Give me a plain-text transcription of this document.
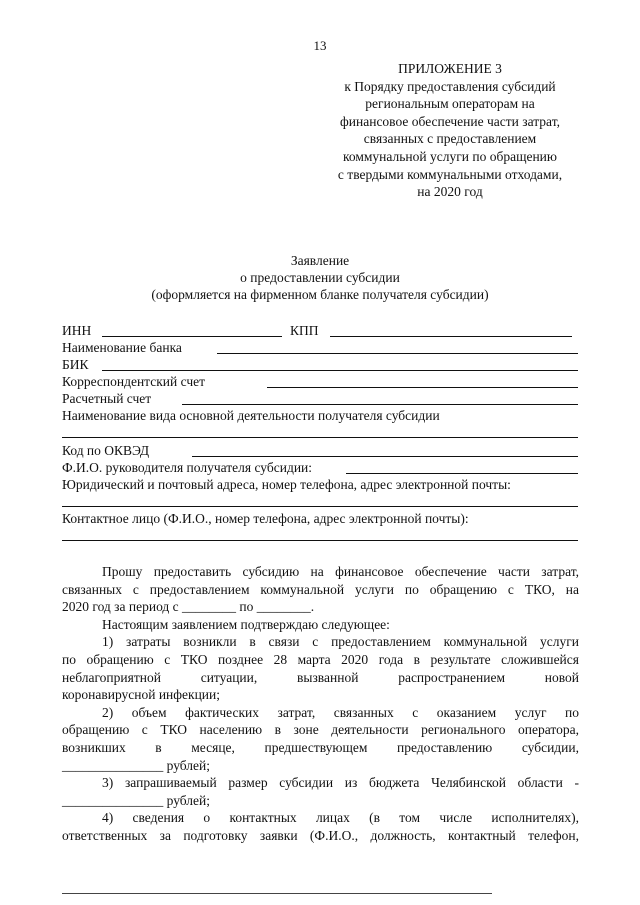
13
ПРИЛОЖЕНИЕ 3
к Порядку предоставления субсидий
региональным операторам на
финансовое обеспечение части затрат,
связанных с предоставлением
коммунальной услуги по обращению
с твердыми коммунальными отходами,
на 2020 год
Заявление
о предоставлении субсидии
(оформляется на фирменном бланке получателя субсидии)
ИНН	КПП
Наименование банка
БИК
Корреспондентский счет
Расчетный счет
Наименование вида основной деятельности получателя субсидии
Код по ОКВЭД
Ф.И.О. руководителя получателя субсидии:
Юридический и почтовый адреса, номер телефона, адрес электронной почты:
Контактное лицо (Ф.И.О., номер телефона, адрес электронной почты):
Прошу предоставить субсидию на финансовое обеспечение части затрат,
связанных с предоставлением коммунальной услуги по обращению с ТКО, на
2020 год за период с ________ по ________.
Настоящим заявлением подтверждаю следующее:
1) затраты возникли в связи с предоставлением коммунальной услуги
по обращению с ТКО позднее 28 марта 2020 года в результате сложившейся
неблагоприятной ситуации, вызванной распространением новой
коронавирусной инфекции;
2) объем фактических затрат, связанных с оказанием услуг по
обращению с ТКО населению в зоне деятельности регионального оператора,
возникших в месяце, предшествующем предоставлению субсидии,
_______________ рублей;
3) запрашиваемый размер субсидии из бюджета Челябинской области -
_______________ рублей;
4) сведения о контактных лицах (в том числе исполнителях),
ответственных за подготовку заявки (Ф.И.О., должность, контактный телефон,
